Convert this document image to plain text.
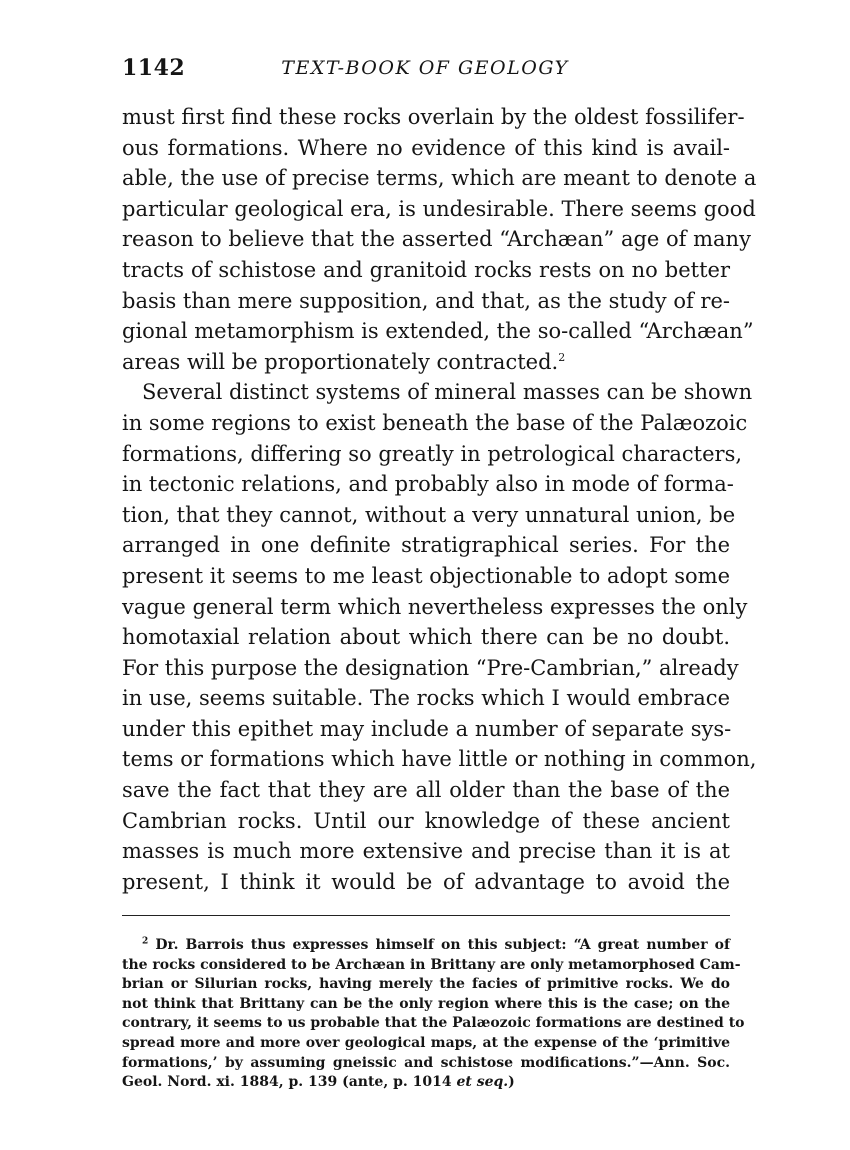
1142	TEXT-BOOK OF GEOLOGY
must first find these rocks overlain by the oldest fossilifer-
ous formations. Where no evidence of this kind is avail-
able, the use of precise terms, which are meant to denote a
particular geological era, is undesirable. There seems good
reason to believe that the asserted “Archæan” age of many
tracts of schistose and granitoid rocks rests on no better
basis than mere supposition, and that, as the study of re-
gional metamorphism is extended, the so-called “Archæan”
areas will be proportionately contracted.$^2$
Several distinct systems of mineral masses can be shown
in some regions to exist beneath the base of the Palæozoic
formations, differing so greatly in petrological characters,
in tectonic relations, and probably also in mode of forma-
tion, that they cannot, without a very unnatural union, be
arranged in one definite stratigraphical series. For the
present it seems to me least objectionable to adopt some
vague general term which nevertheless expresses the only
homotaxial relation about which there can be no doubt.
For this purpose the designation “Pre-Cambrian,” already
in use, seems suitable. The rocks which I would embrace
under this epithet may include a number of separate sys-
tems or formations which have little or nothing in common,
save the fact that they are all older than the base of the
Cambrian rocks. Until our knowledge of these ancient
masses is much more extensive and precise than it is at
present, I think it would be of advantage to avoid the
$^2$ Dr. Barrois thus expresses himself on this subject: “A great number of
the rocks considered to be Archæan in Brittany are only metamorphosed Cam-
brian or Silurian rocks, having merely the facies of primitive rocks. We do
not think that Brittany can be the only region where this is the case; on the
contrary, it seems to us probable that the Palæozoic formations are destined to
spread more and more over geological maps, at the expense of the ‘primitive
formations,’ by assuming gneissic and schistose modifications.”—Ann. Soc.
Geol. Nord. xi. 1884, p. 139 (ante, p. 1014 et seq.)
